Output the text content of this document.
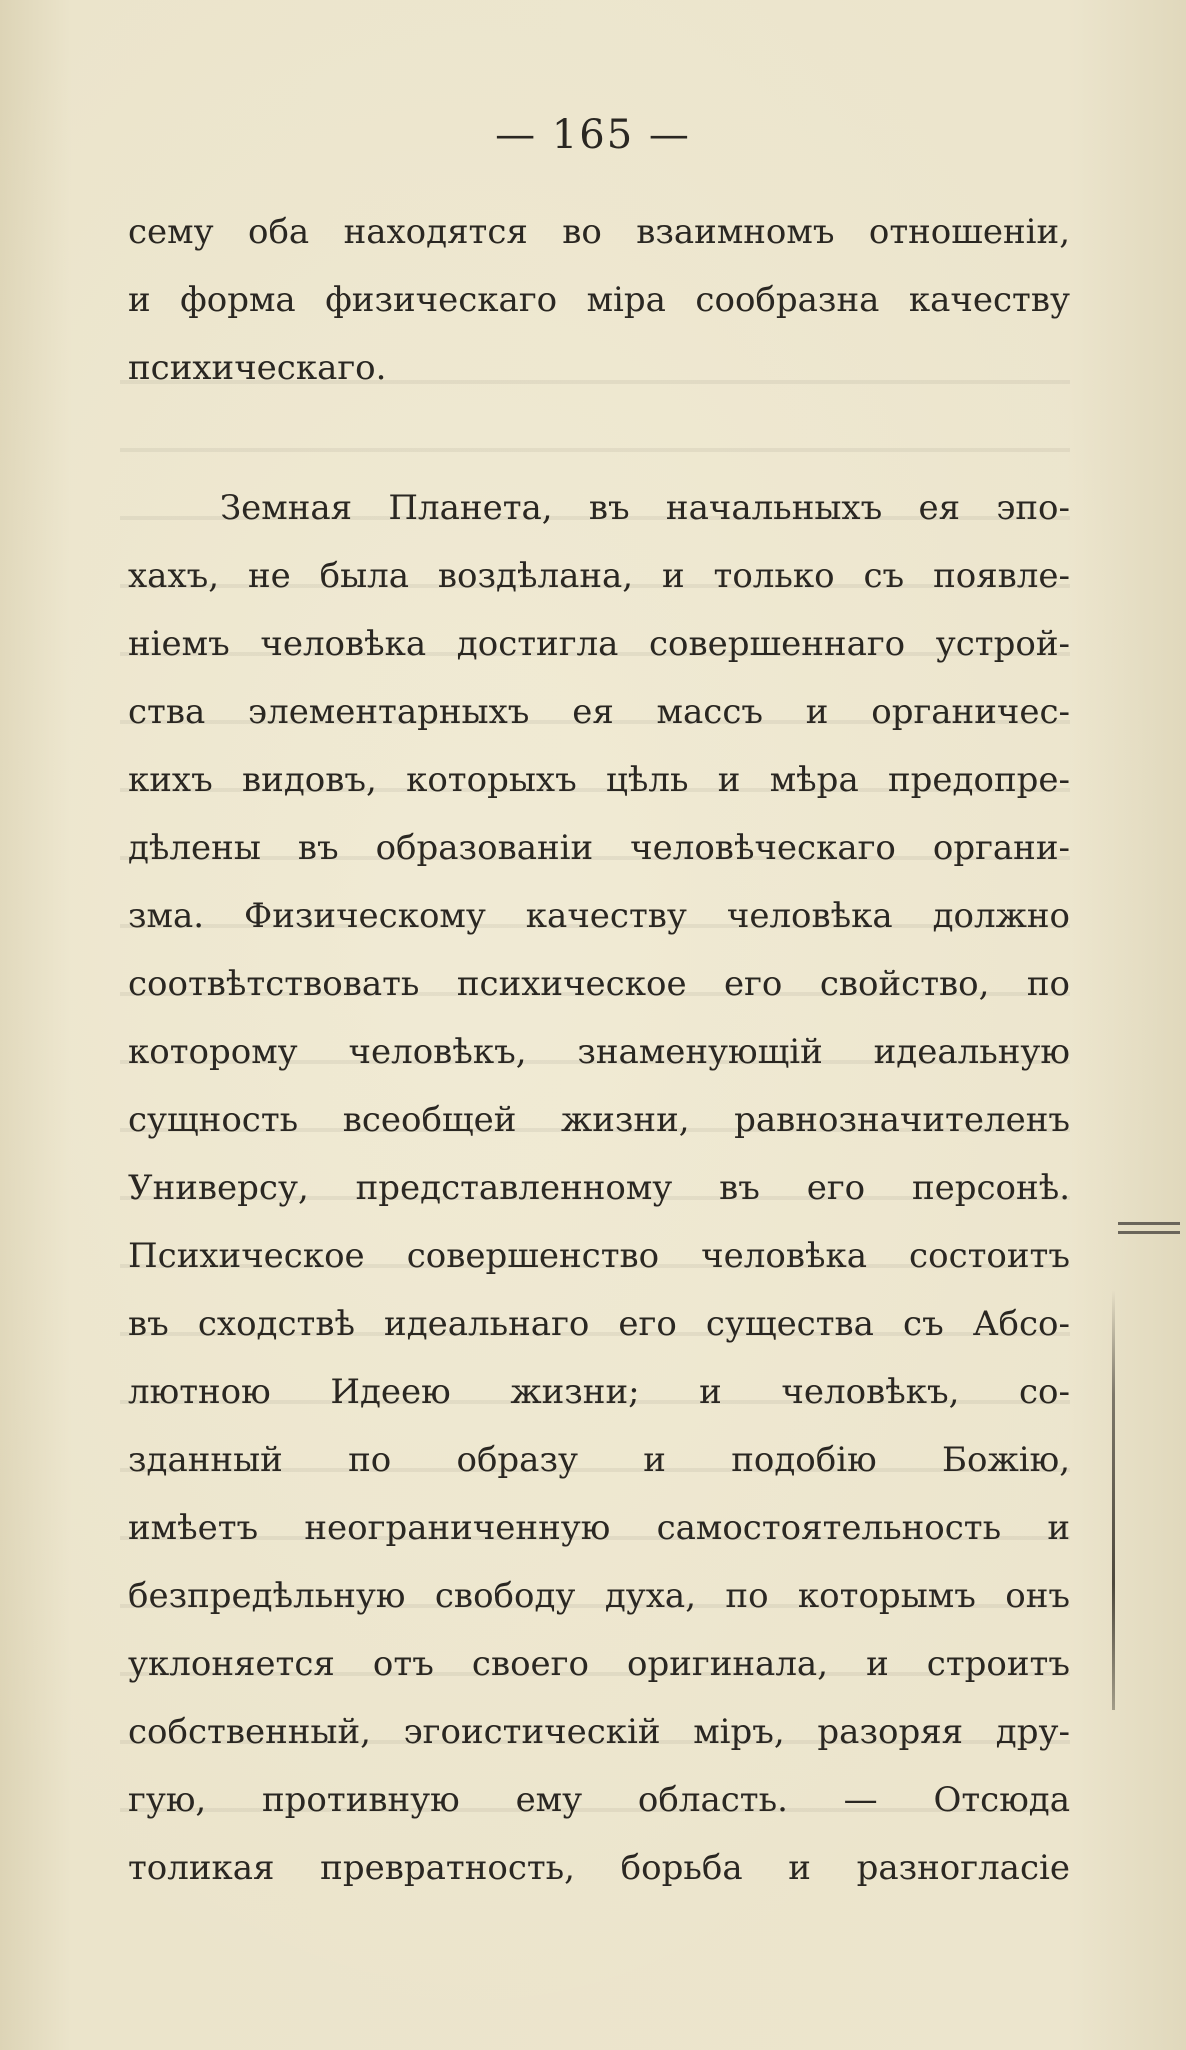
— 165 —
сему оба находятся во взаимномъ отношеніи,
и форма физическаго міра сообразна качеству
психическаго.
Земная Планета, въ начальныхъ ея эпо-
хахъ, не была воздѣлана, и только съ появле-
ніемъ человѣка достигла совершеннаго устрой-
ства элементарныхъ ея массъ и органичес-
кихъ видовъ, которыхъ цѣль и мѣра предопре-
дѣлены въ образованіи человѣческаго органи-
зма. Физическому качеству человѣка должно
соотвѣтствовать психическое его свойство, по
которому человѣкъ, знаменующій идеальную
сущность всеобщей жизни, равнозначителенъ
Универсу, представленному въ его персонѣ.
Психическое совершенство человѣка состоитъ
въ сходствѣ идеальнаго его существа съ Абсо-
лютною Идеею жизни; и человѣкъ, со-
зданный по образу и подобію Божію,
имѣетъ неограниченную самостоятельность и
безпредѣльную свободу духа, по которымъ онъ
уклоняется отъ своего оригинала, и строитъ
собственный, эгоистическій міръ, разоряя дру-
гую, противную ему область. — Отсюда
толикая превратность, борьба и разногласіе
